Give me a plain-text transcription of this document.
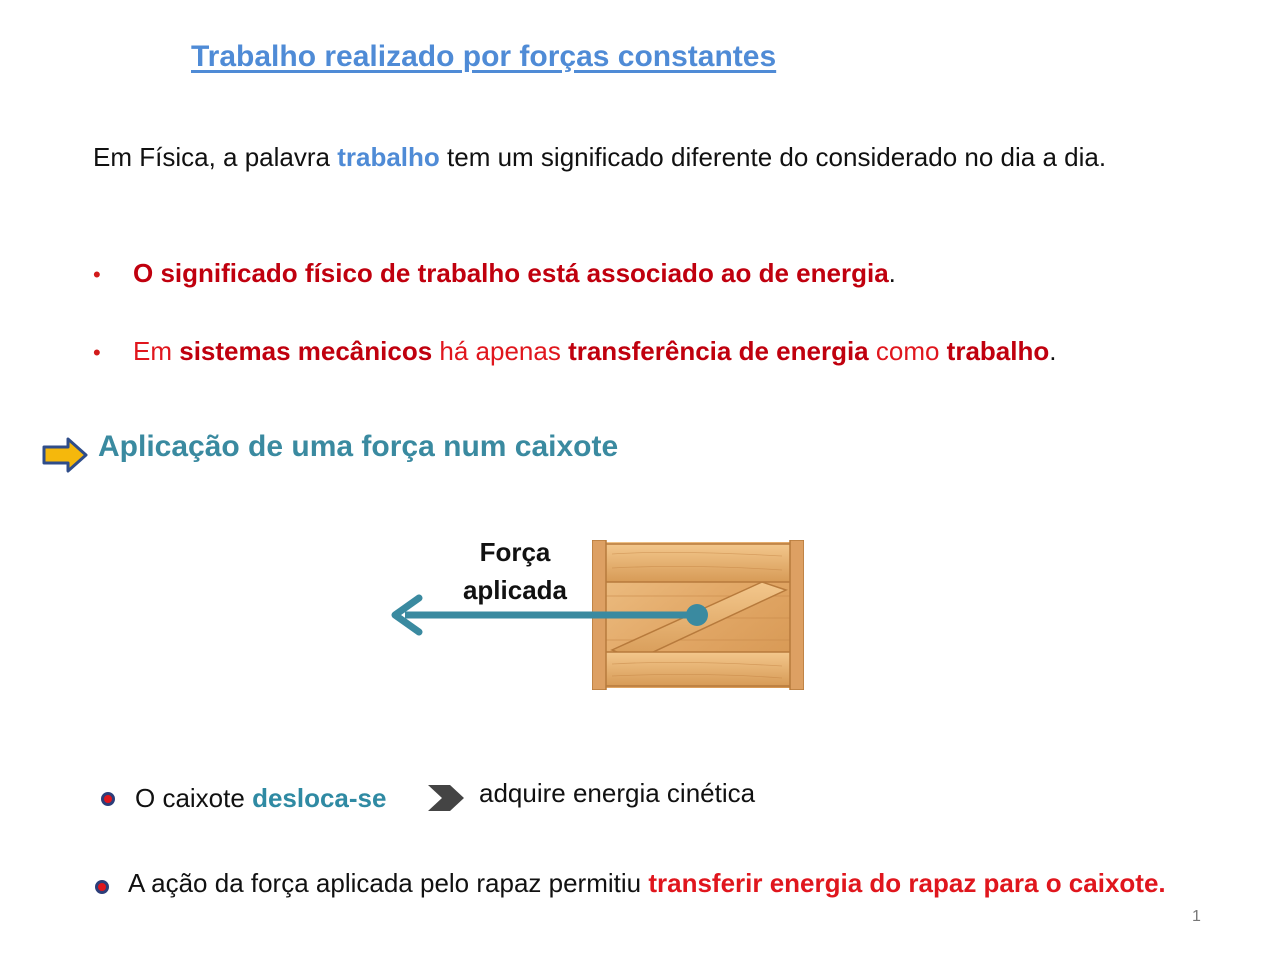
Trabalho realizado por forças constantes
Em Física, a palavra trabalho tem um significado diferente do considerado no dia a dia.
• O significado físico de trabalho está associado ao de energia.
• Em sistemas mecânicos há apenas transferência de energia como trabalho.
Aplicação de uma força num caixote
Força
aplicada
O caixote desloca-se	adquire energia cinética
A ação da força aplicada pelo rapaz permitiu transferir energia do rapaz para o caixote.
1
